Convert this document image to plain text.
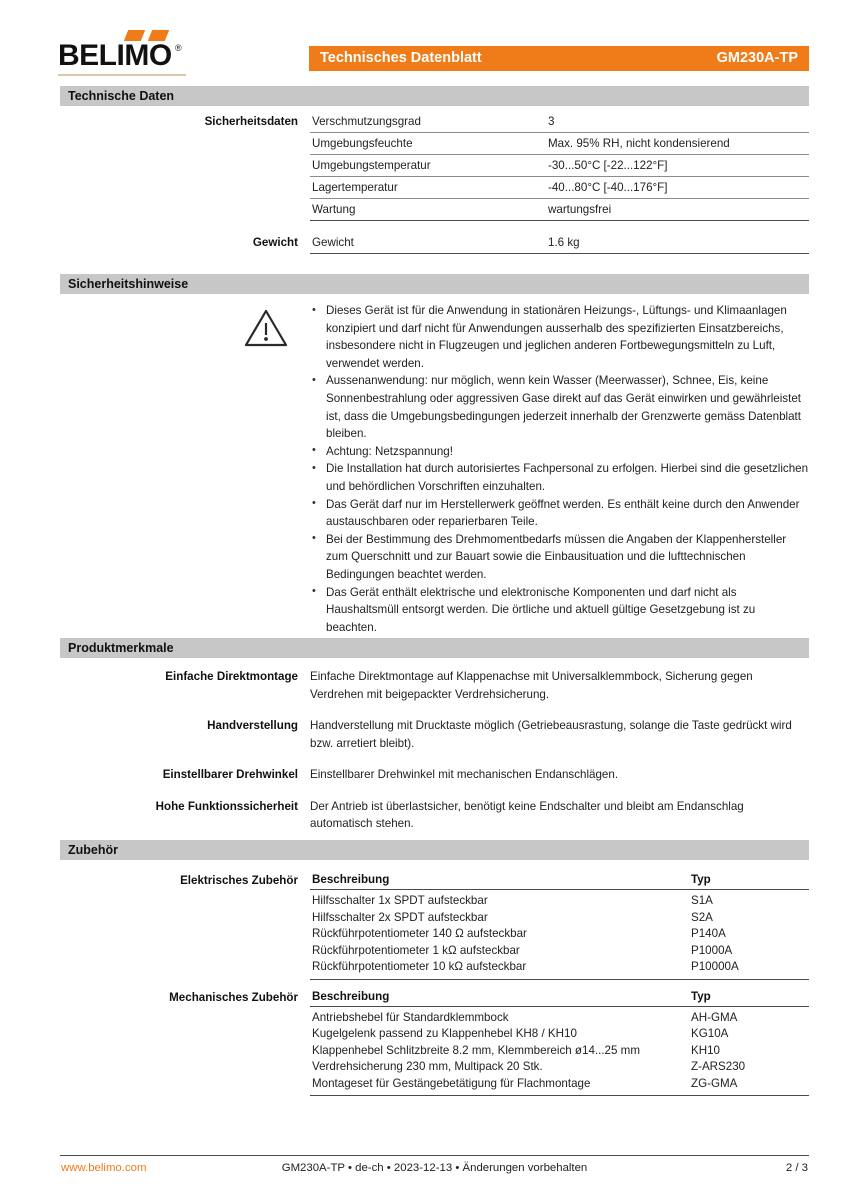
BELIMO ®
Technisches Datenblatt	GM230A-TP
Technische Daten
Sicherheitsdaten	Verschmutzungsgrad	3
Umgebungsfeuchte	Max. 95% RH, nicht kondensierend
Umgebungstemperatur	-30...50°C [-22...122°F]
Lagertemperatur	-40...80°C [-40...176°F]
Wartung	wartungsfrei
Gewicht	Gewicht	1.6 kg
Sicherheitshinweise
• Dieses Gerät ist für die Anwendung in stationären Heizungs-, Lüftungs- und Klimaanlagen konzipiert und darf nicht für Anwendungen ausserhalb des spezifizierten Einsatzbereichs, insbesondere nicht in Flugzeugen und jeglichen anderen Fortbewegungsmitteln zu Luft, verwendet werden.
• Aussenanwendung: nur möglich, wenn kein Wasser (Meerwasser), Schnee, Eis, keine Sonnenbestrahlung oder aggressiven Gase direkt auf das Gerät einwirken und gewährleistet ist, dass die Umgebungsbedingungen jederzeit innerhalb der Grenzwerte gemäss Datenblatt bleiben.
• Achtung: Netzspannung!
• Die Installation hat durch autorisiertes Fachpersonal zu erfolgen. Hierbei sind die gesetzlichen und behördlichen Vorschriften einzuhalten.
• Das Gerät darf nur im Herstellerwerk geöffnet werden. Es enthält keine durch den Anwender austauschbaren oder reparierbaren Teile.
• Bei der Bestimmung des Drehmomentbedarfs müssen die Angaben der Klappenhersteller zum Querschnitt und zur Bauart sowie die Einbausituation und die lufttechnischen Bedingungen beachtet werden.
• Das Gerät enthält elektrische und elektronische Komponenten und darf nicht als Haushaltsmüll entsorgt werden. Die örtliche und aktuell gültige Gesetzgebung ist zu beachten.
Produktmerkmale
Einfache Direktmontage	Einfache Direktmontage auf Klappenachse mit Universalklemmbock, Sicherung gegen Verdrehen mit beigepackter Verdrehsicherung.
Handverstellung	Handverstellung mit Drucktaste möglich (Getriebeausrastung, solange die Taste gedrückt wird bzw. arretiert bleibt).
Einstellbarer Drehwinkel	Einstellbarer Drehwinkel mit mechanischen Endanschlägen.
Hohe Funktionssicherheit	Der Antrieb ist überlastsicher, benötigt keine Endschalter und bleibt am Endanschlag automatisch stehen.
Zubehör
Elektrisches Zubehör	Beschreibung	Typ
Hilfsschalter 1x SPDT aufsteckbar	S1A
Hilfsschalter 2x SPDT aufsteckbar	S2A
Rückführpotentiometer 140 Ω aufsteckbar	P140A
Rückführpotentiometer 1 kΩ aufsteckbar	P1000A
Rückführpotentiometer 10 kΩ aufsteckbar	P10000A
Mechanisches Zubehör	Beschreibung	Typ
Antriebshebel für Standardklemmbock	AH-GMA
Kugelgelenk passend zu Klappenhebel KH8 / KH10	KG10A
Klappenhebel Schlitzbreite 8.2 mm, Klemmbereich ø14...25 mm	KH10
Verdrehsicherung 230 mm, Multipack 20 Stk.	Z-ARS230
Montageset für Gestängebetätigung für Flachmontage	ZG-GMA
www.belimo.com	GM230A-TP • de-ch • 2023-12-13 • Änderungen vorbehalten	2 / 3
